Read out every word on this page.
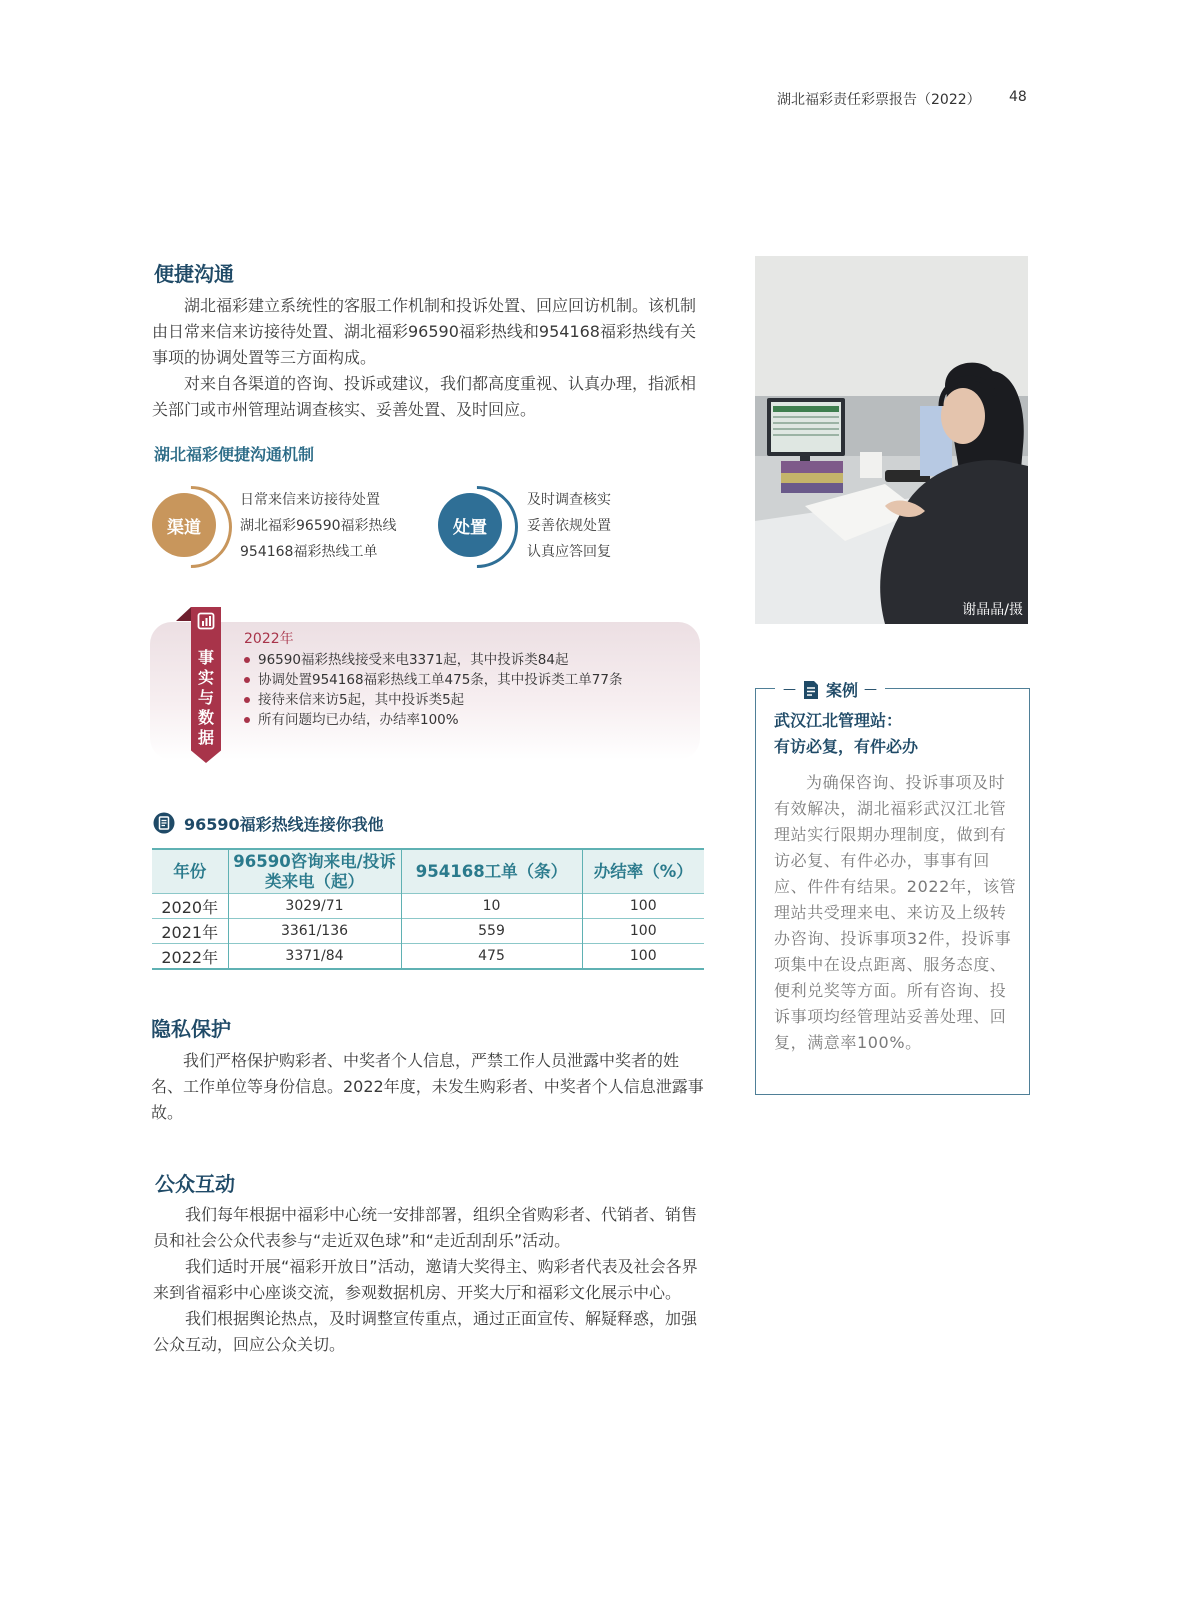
湖北福彩责任彩票报告（2022） 48
便捷沟通

湖北福彩建立系统性的客服工作机制和投诉处置、回应回访机制。该机制由日常来信来访接待处置、湖北福彩96590福彩热线和954168福彩热线有关事项的协调处置等三方面构成。

对来自各渠道的咨询、投诉或建议，我们都高度重视、认真办理，指派相关部门或市州管理站调查核实、妥善处置、及时回应。

湖北福彩便捷沟通机制
渠道
日常来信来访接待处置
湖北福彩96590福彩热线
954168福彩热线工单
处置
及时调查核实
妥善依规处置
认真应答回复
事
实
与
数
据
2022年
96590福彩热线接受来电3371起，其中投诉类84起
协调处置954168福彩热线工单475条，其中投诉类工单77条
接待来信来访5起，其中投诉类5起
所有问题均已办结，办结率100%
96590福彩热线连接你我他
年份	96590咨询来电/投诉类来电（起）	954168工单（条）	办结率（%）
2020年	3029/71	10	100
2021年	3361/136	559	100
2022年	3371/84	475	100
隐私保护

我们严格保护购彩者、中奖者个人信息，严禁工作人员泄露中奖者的姓名、工作单位等身份信息。2022年度，未发生购彩者、中奖者个人信息泄露事故。

公众互动

我们每年根据中福彩中心统一安排部署，组织全省购彩者、代销者、销售员和社会公众代表参与“走近双色球”和“走近刮刮乐”活动。

我们适时开展“福彩开放日”活动，邀请大奖得主、购彩者代表及社会各界来到省福彩中心座谈交流，参观数据机房、开奖大厅和福彩文化展示中心。

我们根据舆论热点，及时调整宣传重点，通过正面宣传、解疑释惑，加强公众互动，回应公众关切。

谢晶晶/摄
— 案例 —
武汉江北管理站：
有访必复，有件必办

为确保咨询、投诉事项及时有效解决，湖北福彩武汉江北管理站实行限期办理制度，做到有访必复、有件必办，事事有回应、件件有结果。2022年，该管理站共受理来电、来访及上级转办咨询、投诉事项32件，投诉事项集中在设点距离、服务态度、便利兑奖等方面。所有咨询、投诉事项均经管理站妥善处理、回复，满意率100%。
